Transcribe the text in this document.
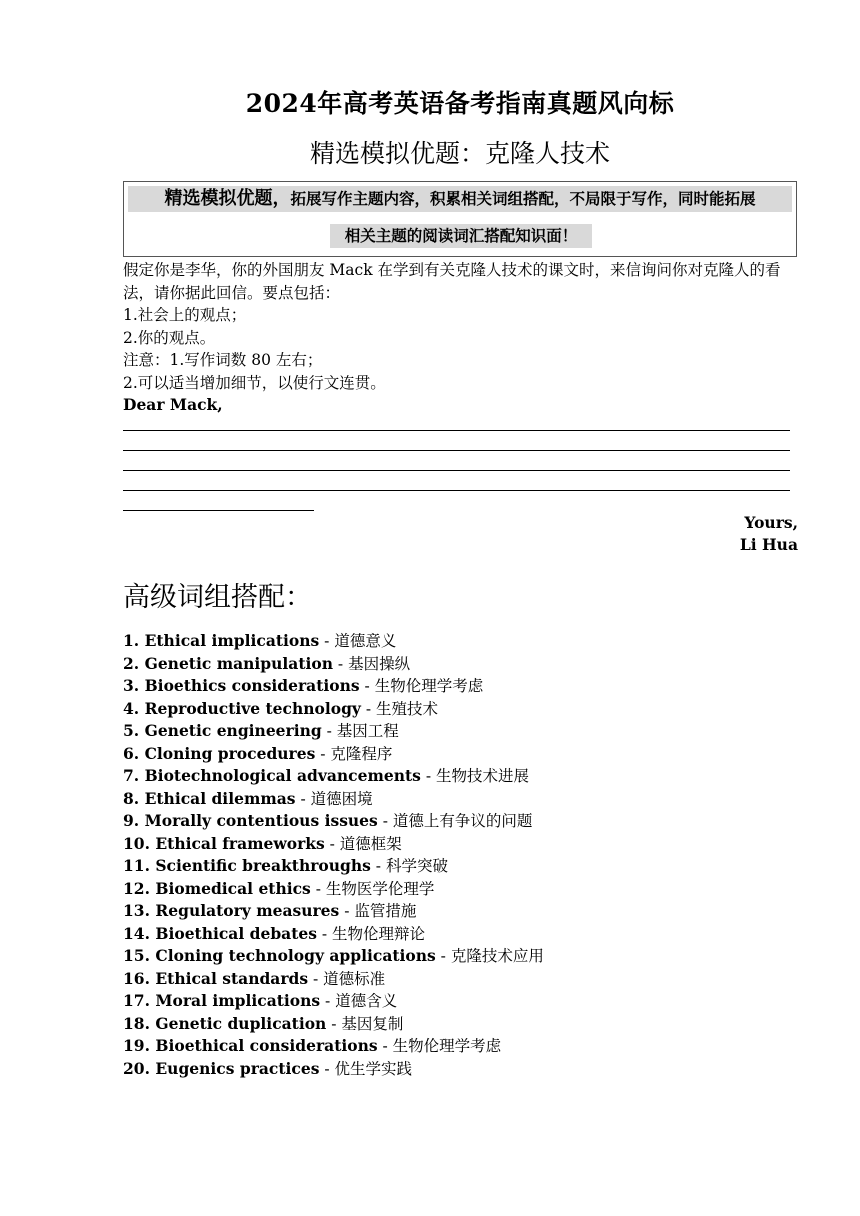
2024年高考英语备考指南真题风向标
精选模拟优题：克隆人技术
精选模拟优题，拓展写作主题内容，积累相关词组搭配，不局限于写作，同时能拓展
相关主题的阅读词汇搭配知识面！

假定你是李华，你的外国朋友 Mack 在学到有关克隆人技术的课文时，来信询问你对克隆人的看法，请你据此回信。要点包括：

1.社会上的观点；

2.你的观点。

注意：1.写作词数 80 左右；

2.可以适当增加细节，以使行文连贯。

Dear Mack,

Yours,
Li Hua
高级词组搭配：
1. Ethical implications - 道德意义
2. Genetic manipulation - 基因操纵
3. Bioethics considerations - 生物伦理学考虑
4. Reproductive technology - 生殖技术
5. Genetic engineering - 基因工程
6. Cloning procedures - 克隆程序
7. Biotechnological advancements - 生物技术进展
8. Ethical dilemmas - 道德困境
9. Morally contentious issues - 道德上有争议的问题
10. Ethical frameworks - 道德框架
11. Scientific breakthroughs - 科学突破
12. Biomedical ethics - 生物医学伦理学
13. Regulatory measures - 监管措施
14. Bioethical debates - 生物伦理辩论
15. Cloning technology applications - 克隆技术应用
16. Ethical standards - 道德标准
17. Moral implications - 道德含义
18. Genetic duplication - 基因复制
19. Bioethical considerations - 生物伦理学考虑
20. Eugenics practices - 优生学实践
